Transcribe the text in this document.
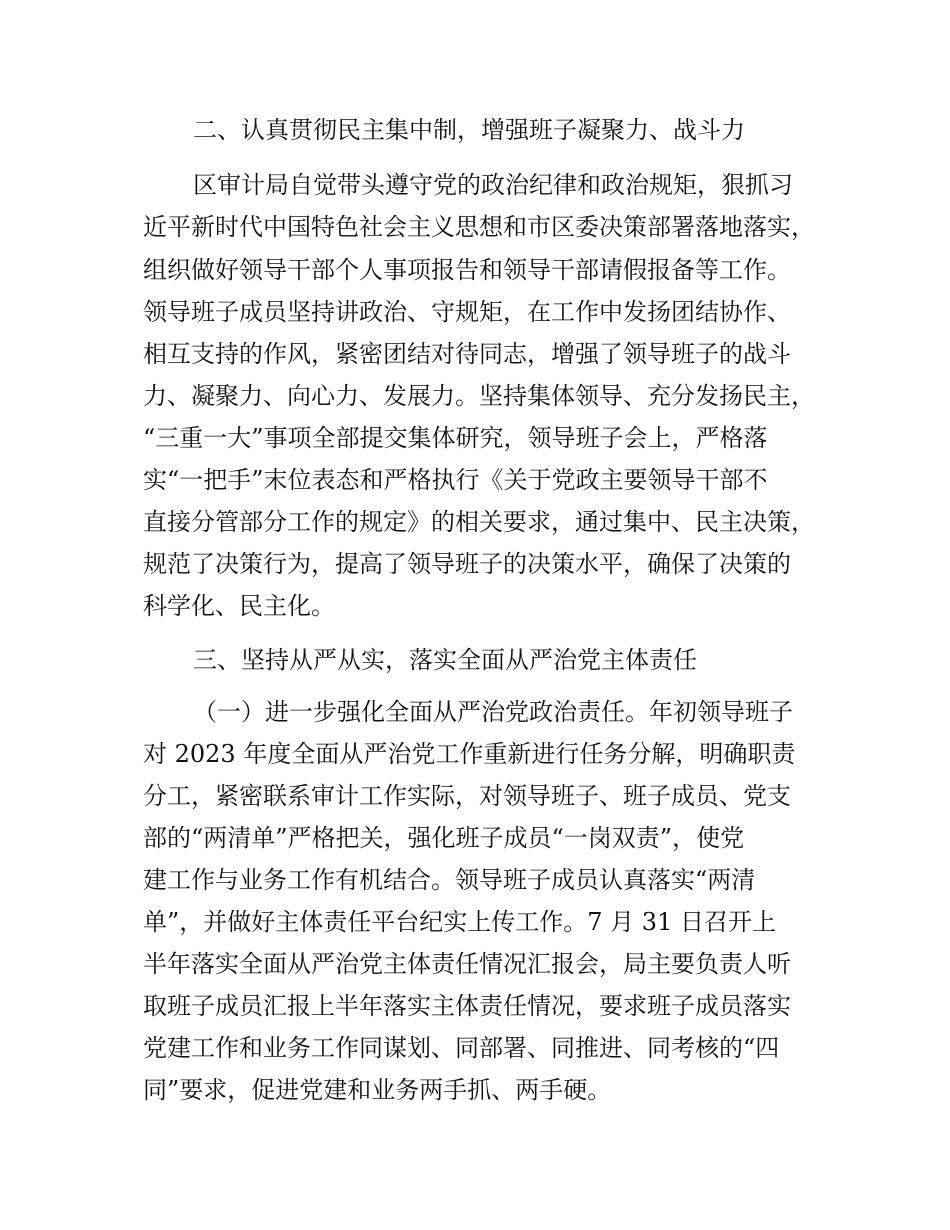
二、认真贯彻民主集中制，增强班子凝聚力、战斗力
区审计局自觉带头遵守党的政治纪律和政治规矩，狠抓习
近平新时代中国特色社会主义思想和市区委决策部署落地落实，
组织做好领导干部个人事项报告和领导干部请假报备等工作。
领导班子成员坚持讲政治、守规矩，在工作中发扬团结协作、
相互支持的作风，紧密团结对待同志，增强了领导班子的战斗
力、凝聚力、向心力、发展力。坚持集体领导、充分发扬民主，
“三重一大”事项全部提交集体研究，领导班子会上，严格落
实“一把手”末位表态和严格执行《关于党政主要领导干部不
直接分管部分工作的规定》的相关要求，通过集中、民主决策，
规范了决策行为，提高了领导班子的决策水平，确保了决策的
科学化、民主化。
三、坚持从严从实，落实全面从严治党主体责任
（一）进一步强化全面从严治党政治责任。年初领导班子
对 2023 年度全面从严治党工作重新进行任务分解，明确职责
分工，紧密联系审计工作实际，对领导班子、班子成员、党支
部的“两清单”严格把关，强化班子成员“一岗双责”，使党
建工作与业务工作有机结合。领导班子成员认真落实“两清
单”，并做好主体责任平台纪实上传工作。7 月 31 日召开上
半年落实全面从严治党主体责任情况汇报会，局主要负责人听
取班子成员汇报上半年落实主体责任情况，要求班子成员落实
党建工作和业务工作同谋划、同部署、同推进、同考核的“四
同”要求，促进党建和业务两手抓、两手硬。
